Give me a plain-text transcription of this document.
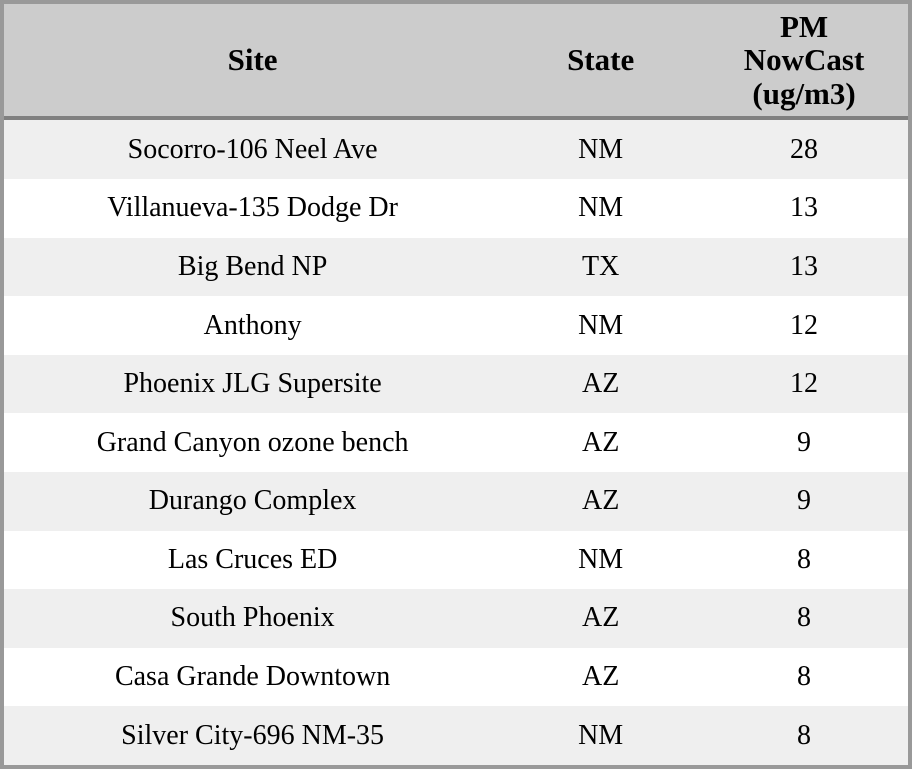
Site	State	PM
NowCast
(ug/m3)

Socorro-106 Neel Ave	NM	28
Villanueva-135 Dodge Dr	NM	13
Big Bend NP	TX	13
Anthony	NM	12
Phoenix JLG Supersite	AZ	12
Grand Canyon ozone bench	AZ	9
Durango Complex	AZ	9
Las Cruces ED	NM	8
South Phoenix	AZ	8
Casa Grande Downtown	AZ	8
Silver City-696 NM-35	NM	8
